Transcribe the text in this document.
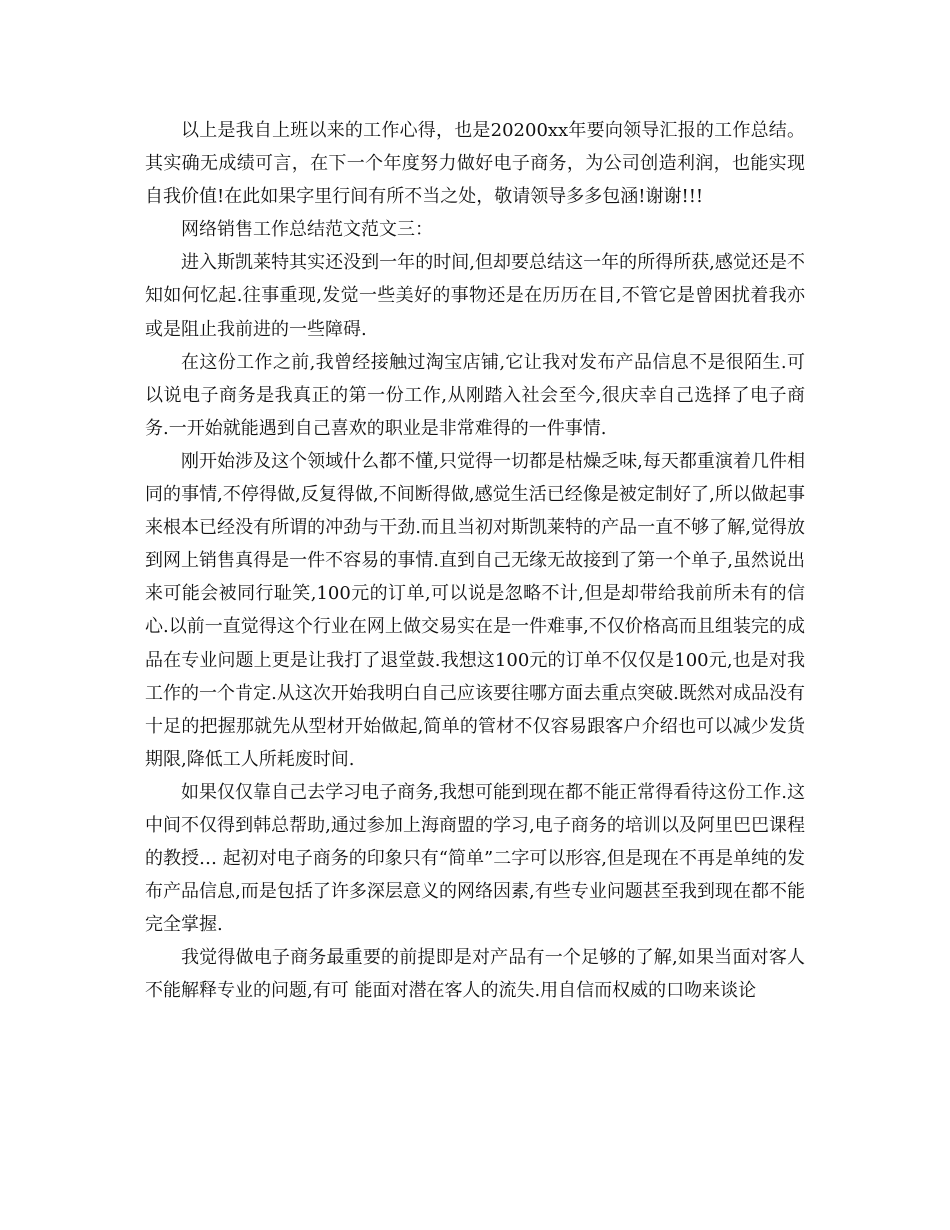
以上是我自上班以来的工作心得，也是20200xx年要向领导汇报的工作总结。其实确无成绩可言，在下一个年度努力做好电子商务，为公司创造利润，也能实现自我价值!在此如果字里行间有所不当之处，敬请领导多多包涵!谢谢!!!

网络销售工作总结范文范文三：

进入斯凯莱特其实还没到一年的时间,但却要总结这一年的所得所获,感觉还是不知如何忆起.往事重现,发觉一些美好的事物还是在历历在目,不管它是曾困扰着我亦或是阻止我前进的一些障碍.

在这份工作之前,我曾经接触过淘宝店铺,它让我对发布产品信息不是很陌生.可以说电子商务是我真正的第一份工作,从刚踏入社会至今,很庆幸自己选择了电子商务.一开始就能遇到自己喜欢的职业是非常难得的一件事情.

刚开始涉及这个领域什么都不懂,只觉得一切都是枯燥乏味,每天都重演着几件相同的事情,不停得做,反复得做,不间断得做,感觉生活已经像是被定制好了,所以做起事来根本已经没有所谓的冲劲与干劲.而且当初对斯凯莱特的产品一直不够了解,觉得放到网上销售真得是一件不容易的事情.直到自己无缘无故接到了第一个单子,虽然说出来可能会被同行耻笑,100元的订单,可以说是忽略不计,但是却带给我前所未有的信心.以前一直觉得这个行业在网上做交易实在是一件难事,不仅价格高而且组装完的成品在专业问题上更是让我打了退堂鼓.我想这100元的订单不仅仅是100元,也是对我工作的一个肯定.从这次开始我明白自己应该要往哪方面去重点突破.既然对成品没有十足的把握那就先从型材开始做起,简单的管材不仅容易跟客户介绍也可以减少发货期限,降低工人所耗废时间.

如果仅仅靠自己去学习电子商务,我想可能到现在都不能正常得看待这份工作.这中间不仅得到韩总帮助,通过参加上海商盟的学习,电子商务的培训以及阿里巴巴课程的教授… 起初对电子商务的印象只有“简单”二字可以形容,但是现在不再是单纯的发布产品信息,而是包括了许多深层意义的网络因素,有些专业问题甚至我到现在都不能完全掌握.

我觉得做电子商务最重要的前提即是对产品有一个足够的了解,如果当面对客人不能解释专业的问题,有可 能面对潜在客人的流失.用自信而权威的口吻来谈论
